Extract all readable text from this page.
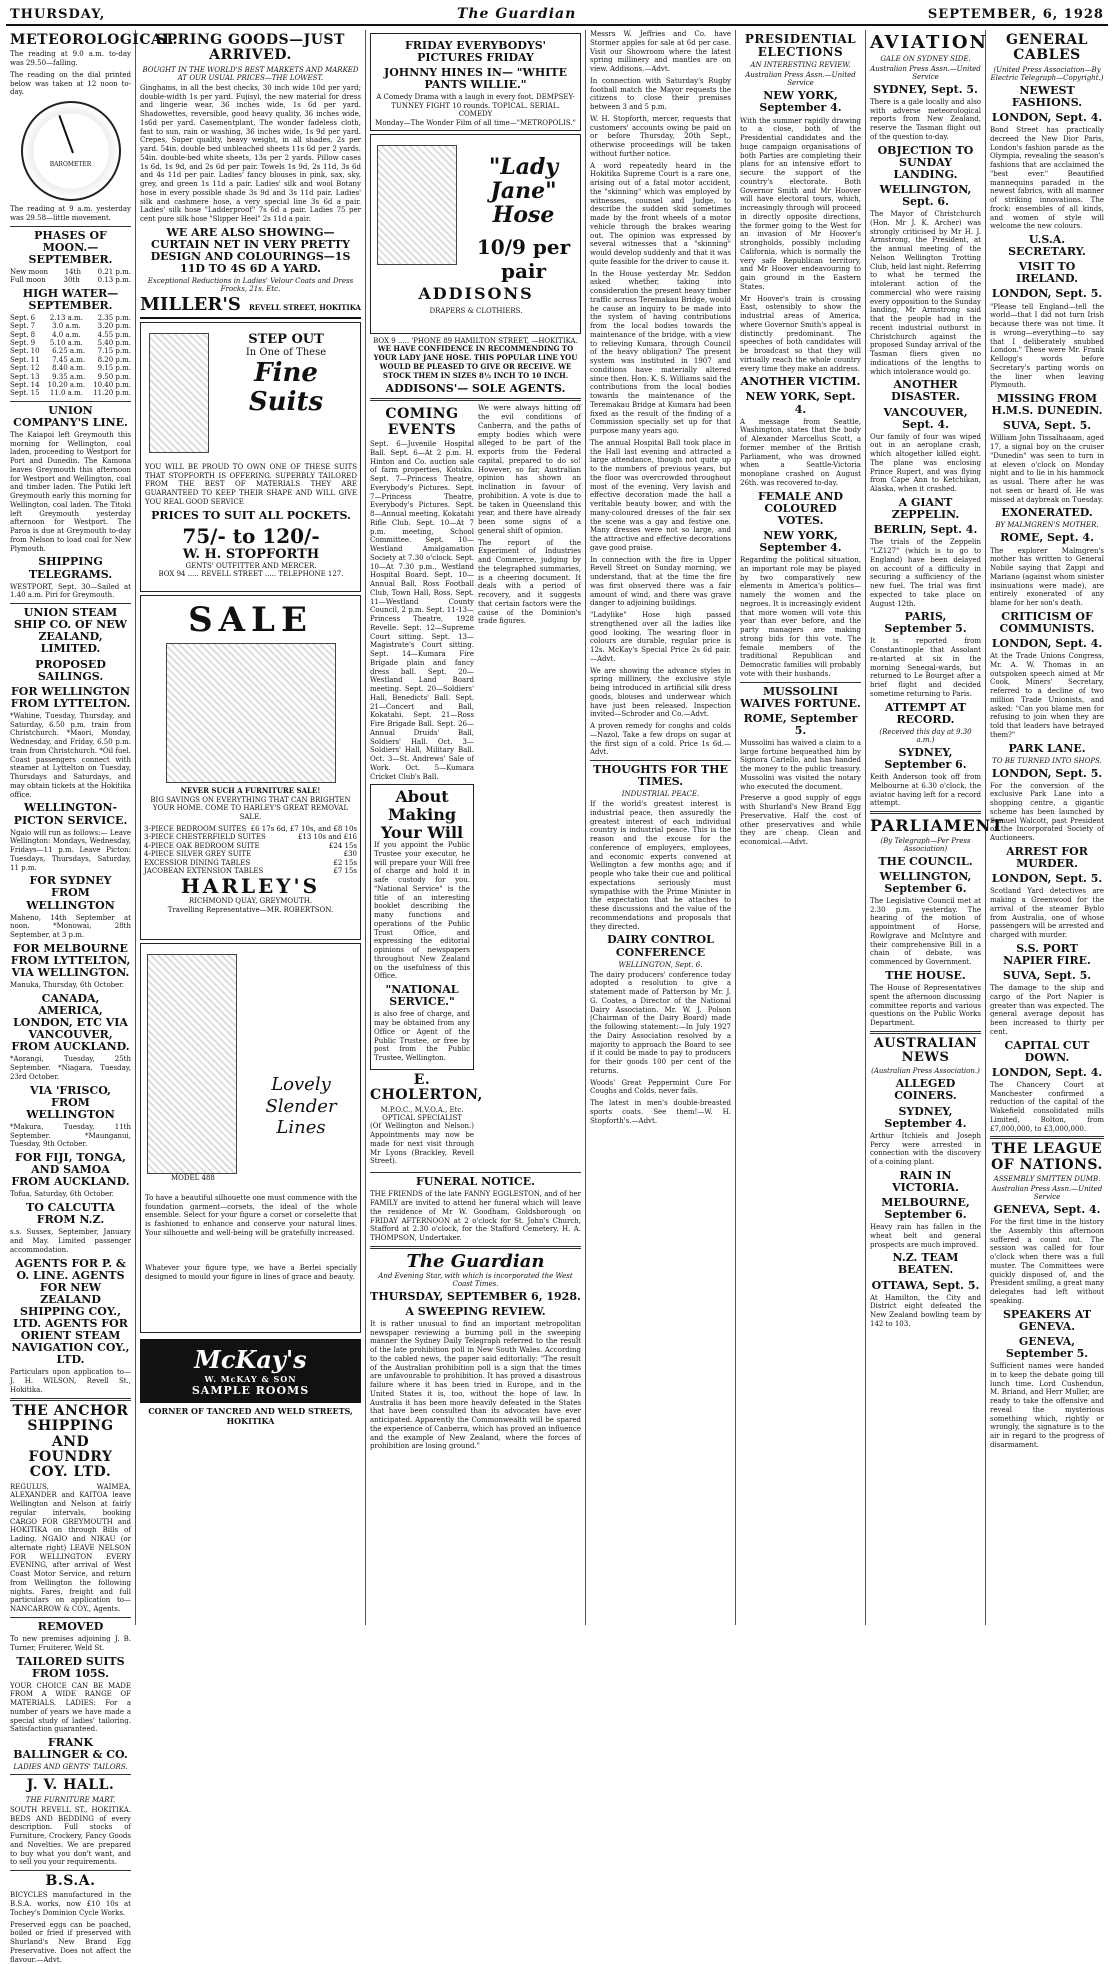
THURSDAY,	The Guardian	SEPTEMBER, 6, 1928
METEOROLOGICAL.
The reading at 9.0 a.m. to-day was 29.50—falling.
The reading on the dial printed below was taken at 12 noon to-day.
BAROMETER
The reading at 9 a.m. yesterday was 29.58—little movement.
PHASES OF MOON.—SEPTEMBER.
New moon 14th 0.21 p.m.
Full moon	30th	0.13 p.m.
HIGH WATER—SEPTEMBER.
Sept. 6 2.13 a.m. 2.35 p.m.
Sept. 7 3.0 a.m. 3.20 p.m.
Sept. 8 4.0 a.m. 4.55 p.m.
Sept. 9 5.10 a.m. 5.40 p.m.
Sept. 10 6.25 a.m. 7.15 p.m.
Sept. 11 7.45 a.m. 8.20 p.m.
Sept. 12 8.40 a.m. 9.15 p.m.
Sept. 13 9.35 a.m. 9.50 p.m.
Sept. 14 10.20 a.m. 10.40 p.m.
Sept. 15 11.0 a.m. 11.20 p.m.
UNION COMPANY'S LINE.
The Kaiapoi left Greymouth this morning for Wellington, coal laden, proceeding to Westport for Port and Dunedin. The Kamona leaves Greymouth this afternoon for Westport and Wellington, coal and timber laden. The Putiki left Greymouth early this morning for Wellington, coal laden. The Titoki left Greymouth yesterday afternoon for Westport. The Paroa is due at Greymouth to-day from Nelson to load coal for New Plymouth.
SHIPPING TELEGRAMS.
WESTPORT, Sept. 30—Sailed at 1.40 a.m. Piri for Greymouth.
UNION STEAM SHIP CO. OF NEW ZEALAND, LIMITED.
PROPOSED SAILINGS.
FOR WELLINGTON FROM LYTTELTON.
*Wahine, Tuesday, Thursday, and Saturday, 6.50 p.m. train from Christchurch. *Maori, Monday, Wednesday, and Friday, 6.50 p.m. train from Christchurch. *Oil fuel. Coast passengers connect with steamer at Lyttelton on Tuesday, Thursdays and Saturdays, and may obtain tickets at the Hokitika office.
WELLINGTON-PICTON SERVICE.
Ngaio will run as follows:— Leave Wellington: Mondays, Wednesday, Fridays—11 p.m. Leave Picton: Tuesdays, Thursdays, Saturday, 11 p.m.
FOR SYDNEY FROM WELLINGTON
Maheno, 14th September at noon. *Monowai, 28th September, at 3 p.m.
FOR MELBOURNE FROM LYTTELTON, VIA WELLINGTON.
Manuka, Thursday, 6th October.
CANADA, AMERICA, LONDON, ETC VIA VANCOUVER, FROM AUCKLAND.
*Aorangi, Tuesday, 25th September. *Niagara, Tuesday, 23rd October.
VIA 'FRISCO, FROM WELLINGTON
*Makura, Tuesday, 11th September. *Maunganui, Tuesday, 9th October.
FOR FIJI, TONGA, AND SAMOA FROM AUCKLAND.
Tofua, Saturday, 6th October.
TO CALCUTTA FROM N.Z.
s.s. Sussex, September, January and May. Limited passenger accommodation.
AGENTS FOR P. & O. LINE. AGENTS FOR NEW ZEALAND SHIPPING COY., LTD. AGENTS FOR ORIENT STEAM NAVIGATION COY., LTD.
Particulars upon application to— J. H. WILSON, Revell St., Hokitika.
THE ANCHOR SHIPPING AND FOUNDRY COY. LTD.
REGULUS, WAIMEA, ALEXANDER and KAITOA leave Wellington and Nelson at fairly regular intervals, booking CARGO FOR GREYMOUTH and HOKITIKA on through Bills of Lading. NGAIO and NIKAU (or alternate right) LEAVE NELSON FOR WELLINGTON EVERY EVENING, after arrival of West Coast Motor Service, and return from Wellington the following nights. Fares, freight and full particulars on application to— NANCARROW & COY., Agents.
REMOVED
To new premises adjoining J. B. Turner, Fruiterer, Weld St.
TAILORED SUITS FROM 105S.
YOUR CHOICE CAN BE MADE FROM A WIDE RANGE OF MATERIALS. LADIES: For a number of years we have made a special study of ladies' tailoring. Satisfaction guaranteed.
FRANK BALLINGER & CO.
LADIES AND GENTS' TAILORS.
J. V. HALL.
THE FURNITURE MART.
SOUTH REVELL ST., HOKITIKA. BEDS AND BEDDING of every description. Full stocks of Furniture, Crockery, Fancy Goods and Novelties. We are prepared to buy what you don't want, and to sell you your requirements.
B.S.A.
BICYCLES manufactured in the B.S.A. works, now £10 10s at Tochey's Dominion Cycle Works.
Preserved eggs can be poached, boiled or fried if preserved with Shurland's New Brand Egg Preservative. Does not affect the flavour.—Advt.
SPRING GOODS—JUST ARRIVED.
BOUGHT IN THE WORLD'S BEST MARKETS AND MARKED AT OUR USUAL PRICES—THE LOWEST.
Ginghams, in all the best checks, 30 inch wide 10d per yard; double-width 1s per yard. Fujisyl, the new material for dress and lingerie wear, 36 inches wide, 1s 6d per yard. Shadowettes, reversible, good heavy quality, 36 inches wide, 1s6d per yard. Casementplant, The wonder fadeless cloth, fast to sun, rain or washing, 36 inches wide, 1s 9d per yard. Crepes, Super quality, heavy weight, in all shades, 2s per yard. 54in. double bed unbleached sheets 11s 6d per 2 yards. 54in. double-bed white sheets, 13s per 2 yards. Pillow cases 1s 6d, 1s 9d, and 2s 6d per pair. Towels 1s 9d, 2s 11d, 3s 6d and 4s 11d per pair. Ladies' fancy blouses in pink, sax, sky, grey, and green 1s 11d a pair. Ladies' silk and wool Botany hose in every possible shade 3s 9d and 3s 11d pair. Ladies' silk and cashmere hose, a very special line 3s 6d a pair. Ladies' silk hose "Ladderproof" 7s 6d a pair. Ladies 75 per cent pure silk hose "Slipper Heel" 2s 11d a pair.
WE ARE ALSO SHOWING—CURTAIN NET IN VERY PRETTY DESIGN AND COLOURINGS—1S 11D TO 4S 6D A YARD.
Exceptional Reductions in Ladies' Velour Coats and Dress Frocks, 21s. Etc.
MILLER'S REVELL STREET, HOKITIKA
STEP OUT
In One of These
Fine
Suits
YOU WILL BE PROUD TO OWN ONE OF THESE SUITS THAT STOPFORTH IS OFFERING. SUPERBLY TAILORED FROM THE BEST OF MATERIALS THEY ARE GUARANTEED TO KEEP THEIR SHAPE AND WILL GIVE YOU REAL GOOD SERVICE
PRICES TO SUIT ALL POCKETS.
75/- to 120/-
W. H. STOPFORTH
GENTS' OUTFITTER AND MERCER.
BOX 94 ..... REVELL STREET ..... TELEPHONE 127.
SALE
NEVER SUCH A FURNITURE SALE!
BIG SAVINGS ON EVERYTHING THAT CAN BRIGHTEN YOUR HOME. COME TO HARLEY'S GREAT REMOVAL SALE.
3-PIECE BEDROOM SUITES £6 17s 6d, £7 10s, and £8 10s
3-PIECE CHESTERFIELD SUITES	£13 10s and £16
4-PIECE OAK BEDROOM SUITE	£24 15s
4-PIECE SILVER GREY SUITE	£30
EXCESSIOR DINING TABLES	£2 15s
JACOBEAN EXTENSION TABLES	£7 15s
HARLEY'S
RICHMOND QUAY, GREYMOUTH.
Travelling Representative—MR. ROBERTSON.
MODEL 488
Lovely Slender Lines
To have a beautiful silhouette one must commence with the foundation garment—corsets, the ideal of the whole ensemble. Select for your figure a corset or corselette that is fashioned to enhance and conserve your natural lines. Your silhouette and well-being will be gratefully increased.
Whatever your figure type, we have a Berlei specially designed to mould your figure in lines of grace and beauty.
McKay's
W. McKAY & SON
SAMPLE ROOMS
CORNER OF TANCRED AND WELD STREETS, HOKITIKA
FRIDAY EVERYBODYS' PICTURES FRIDAY
JOHNNY HINES IN— "WHITE PANTS WILLIE."
A Comedy Drama with a laugh in every foot. DEMPSEY-TUNNEY FIGHT 10 rounds. TOPICAL. SERIAL. COMEDY
Monday—The Wonder Film of all time—"METROPOLIS."
"Lady Jane" Hose
10/9 per pair
ADDISONS
DRAPERS & CLOTHIERS.
BOX 9 ..... 'PHONE 89 HAMILTON STREET, —HOKITIKA.
WE HAVE CONFIDENCE IN RECOMMENDING TO YOUR LADY JANE HOSE. THIS POPULAR LINE YOU WOULD BE PLEASED TO GIVE OR RECEIVE. WE STOCK THEM IN SIZES 8½ INCH TO 10 INCH.
ADDISONS'— SOLE AGENTS.
COMING EVENTS
Sept. 6—Juvenile Hospital Ball. Sept. 6—At 2 p.m. H. Hinton and Co. auction sale of farm properties, Kotuku. Sept. 7—Princess Theatre, Everybody's Pictures. Sept. 7—Princess Theatre, Everybody's Pictures. Sept. 8—Annual meeting, Kokatahi Rifle Club. Sept. 10—At 7 p.m. meeting, School Committee. Sept. 10—Westland Amalgamation Society at 7.30 o'clock. Sept. 10—At 7.30 p.m., Westland Hospital Board. Sept. 10—Annual Ball, Ross Football Club, Town Hall, Ross. Sept. 11—Westland County Council, 2 p.m. Sept. 11-13—Princess Theatre, 1928 Revelle. Sept. 12—Supreme Court sitting. Sept. 13—Magistrate's Court sitting. Sept. 14—Kumara Fire Brigade plain and fancy dress ball. Sept. 20—Westland Land Board meeting. Sept. 20—Soldiers' Hall, Benedicts' Ball. Sept. 21—Concert and Ball, Kokatahi. Sept. 21—Ross Fire Brigade Ball. Sept. 26—Annual Druids' Ball, Soldiers' Hall. Oct. 3—Soldiers' Hall, Military Ball. Oct. 3—St. Andrews' Sale of Work. Oct. 5—Kumara Cricket Club's Ball.
About Making Your Will
If you appoint the Public Trustee your executor, he will prepare your Will free of charge and hold it in safe custody for you. "National Service" is the title of an interesting booklet describing the many functions and operations of the Public Trust Office, and expressing the editorial opinions of newspapers throughout New Zealand on the usefulness of this Office.
"NATIONAL SERVICE."
is also free of charge, and may be obtained from any Office or Agent of the Public Trustee, or free by post from the Public Trustee, Wellington.
E. CHOLERTON,
M.P.O.C., M.V.O.A., Etc. OPTICAL SPECIALIST
(Of Wellington and Nelson.) Appointments may now be made for next visit through Mr Lyons (Brackley, Revell Street).
We were always hitting off the evil conditions of Canberra, and the paths of empty bodies which were alleged to be part of the exports from the Federal capital, prepared to do so! However, so far, Australian opinion has shown an inclination in favour of prohibition. A vote is due to be taken in Queensland this year, and there have already been some signs of a general shift of opinion.
The report of the Experiment of Industries and Commerce, judging by the telegraphed summaries, is a cheering document. It deals with a period of recovery, and it suggests that certain factors were the cause of the Dominion's trade figures.
FUNERAL NOTICE.
THE FRIENDS of the late FANNY EGGLESTON, and of her FAMILY are invited to attend her funeral which will leave the residence of Mr W. Goodham, Goldsborough on FRIDAY AFTERNOON at 2 o'clock for St. John's Church, Stafford at 2.30 o'clock, for the Stafford Cemetery. H. A. THOMPSON, Undertaker.
The Guardian
And Evening Star, with which is incorporated the West Coast Times.
THURSDAY, SEPTEMBER 6, 1928.
A SWEEPING REVIEW.
It is rather unusual to find an important metropolitan newspaper reviewing a burning poll in the sweeping manner the Sydney Daily Telegraph referred to the result of the late prohibition poll in New South Wales. According to the cabled news, the paper said editorially: "The result of the Australian prohibition poll is a sign that the times are unfavourable to prohibition. It has proved a disastrous failure where it has been tried in Europe, and in the United States it is, too, without the hope of law. In Australia it has been more heavily defeated in the States that have been consulted than its advocates have ever anticipated. Apparently the Commonwealth will be spared the experience of Canberra, which has proved an influence and the example of New Zealand, where the forces of prohibition are losing ground."
Messrs W. Jeffries and Co. have Stormer apples for sale at 6d per case. Visit our Showroom where the latest spring millinery and mantles are on view. Addisons.—Advt.
In connection with Saturday's Rugby football match the Mayor requests the citizens to close their premises between 3 and 5 p.m.
W. H. Stopforth, mercer, requests that customers' accounts owing be paid on or before Thursday, 20th Sept., otherwise proceedings will be taken without further notice.
A word repeatedly heard in the Hokitika Supreme Court is a rare one, arising out of a fatal motor accident, the "skinning" which was employed by witnesses, counsel and Judge, to describe the sudden skid sometimes made by the front wheels of a motor vehicle through the brakes wearing out. The opinion was expressed by several witnesses that a "skinning" would develop suddenly and that it was quite feasible for the driver to cause it.
In the House yesterday Mr. Seddon asked whether, taking into consideration the present heavy timber traffic across Teremakau Bridge, would he cause an inquiry to be made into the system of having contributions from the local bodies towards the maintenance of the bridge, with a view to relieving Kumara, through Council of the heavy obligation? The present system was instituted in 1907 and conditions have materially altered since then. Hon. K. S. Williams said the contributions from the local bodies towards the maintenance of the Teremakau Bridge at Kumara had been fixed as the result of the finding of a Commission specially set up for that purpose many years ago.
The annual Hospital Ball took place in the Hall last evening and attracted a large attendance, though not quite up to the numbers of previous years, but the floor was overcrowded throughout most of the evening. Very lavish and effective decoration made the hall a veritable beauty bower, and with the many-coloured dresses of the fair sex the scene was a gay and festive one. Many dresses were not so large, and the attractive and effective decorations gave good praise.
In connection with the fire in Upper Revell Street on Sunday morning, we understand, that at the time the fire was first observed there was a fair amount of wind, and there was grave danger to adjoining buildings.
"Ladylike" Hose high passed strengthened over all the ladies like good looking. The wearing floor in colours are durable, regular price is 12s. McKay's Special Price 2s 6d pair.—Advt.
We are showing the advance styles in spring millinery, the exclusive style being introduced in artificial silk dress goods, blouses and underwear which have just been released. Inspection invited—Schroder and Co.—Advt.
A proven remedy for coughs and colds—Nazol. Take a few drops on sugar at the first sign of a cold. Price 1s 6d.—Advt.
THOUGHTS FOR THE TIMES.
INDUSTRIAL PEACE.
If the world's greatest interest is industrial peace, then assuredly the greatest interest of each individual country is industrial peace. This is the reason and the excuse for the conference of employers, employees, and economic experts convened at Wellington a few months ago; and if people who take their cue and political expectations seriously must sympathise with the Prime Minister in the expectation that he attaches to these discussions and the value of the recommendations and proposals that they directed.
DAIRY CONTROL CONFERENCE
WELLINGTON, Sept. 6.
The dairy producers' conference today adopted a resolution to give a statement made of Patterson by Mr. J. G. Coates, a Director of the National Dairy Association. Mr. W. J. Polson (Chairman of the Dairy Board) made the following statement:—In July 1927 the Dairy Association resolved by a majority to approach the Board to see if it could be made to pay to producers for their goods 100 per cent of the returns.
Woods' Great Peppermint Cure For Coughs and Colds, never fails.
The latest in men's double-breasted sports coats. See them!—W. H. Stopforth's.—Advt.
PRESIDENTIAL ELECTIONS
AN INTERESTING REVIEW.
Australian Press Assn.—United Service
NEW YORK, September 4.
With the summer rapidly drawing to a close, both of the Presidential candidates and the huge campaign organisations of both Parties are completing their plans for an intensive effort to secure the support of the country's electorate. Both Governor Smith and Mr Hoover will have electoral tours, which, increasingly through will proceed in directly opposite directions, the former going to the West for an invasion of Mr Hoover's strongholds, possibly including California, which is normally the very safe Republican territory, and Mr Hoover endeavouring to gain ground in the Eastern States.
Mr Hoover's train is crossing East, ostensibly to show the industrial areas of America, where Governor Smith's appeal is distinctly predominant. The speeches of both candidates will be broadcast so that they will virtually reach the whole country every time they make an address.
ANOTHER VICTIM.
NEW YORK, Sept. 4.
A message from Seattle, Washington, states that the body of Alexander Marcellus Scott, a former member of the British Parliament, who was drowned when a Seattle-Victoria monoplane crashed on August 26th, was recovered to-day.
FEMALE AND COLOURED VOTES.
NEW YORK, September 4.
Regarding the political situation, an important role may be played by two comparatively new elements in America's politics—namely the women and the negroes. It is increasingly evident that more women will vote this year than ever before, and the party managers are making strong bids for this vote. The female members of the traditional Republican and Democratic families will probably vote with their husbands.
MUSSOLINI WAIVES FORTUNE.
ROME, September 5.
Mussolini has waived a claim to a large fortune bequeathed him by Signora Cariello, and has handed the money to the public treasury. Mussolini was visited the notary who executed the document.
Preserve a good supply of eggs with Shurland's New Brand Egg Preservative. Half the cost of other preservatives and while they are cheap. Clean and economical.—Advt.
AVIATION
GALE ON SYDNEY SIDE.
Australian Press Assn.—United Service
SYDNEY, Sept. 5.
There is a gale locally and also with adverse meteorological reports from New Zealand, reserve the Tasman flight out of the question to-day.
OBJECTION TO SUNDAY LANDING.
WELLINGTON, Sept. 6.
The Mayor of Christchurch (Hon. Mr J. K. Archer) was strongly criticised by Mr H. J. Armstrong, the President, at the annual meeting of the Nelson Wellington Trotting Club, held last night. Referring to what he termed the intolerant action of the commercial who were raising every opposition to the Sunday landing, Mr Armstrong said that the people had in the recent industrial outburst in Christchurch against the proposed Sunday arrival of the Tasman fliers given no indications of the lengths to which intolerance would go.
ANOTHER DISASTER.
VANCOUVER, Sept. 4.
Our family of four was wiped out in an aeroplane crash, which altogether killed eight. The plane was enclosing Prince Rupert, and was flying from Cape Ann to Ketchikan, Alaska, when it crashed.
A GIANT ZEPPELIN.
BERLIN, Sept. 4.
The trials of the Zeppelin "LZ127" (which is to go to England) have been delayed on account of a difficulty in securing a sufficiency of the new fuel. The trial was first expected to take place on August 12th.
PARIS, September 5.
It is reported from Constantinople that Assolant re-started at six in the morning Senegal-wards, but returned to Le Bourget after a brief flight and decided sometime returning to Paris.
ATTEMPT AT RECORD.
(Received this day at 9.30 a.m.)
SYDNEY, September 6.
Keith Anderson took off from Melbourne at 6.30 o'clock, the aviator having left for a record attempt.
PARLIAMENT
(By Telegraph—Per Press Association)
THE COUNCIL.
WELLINGTON, September 6.
The Legislative Council met at 2.30 p.m. yesterday. The hearing of the motion of appointment of Horse, Rowlgrave and McIntyre and their comprehensive Bill in a chain of debate, was commenced by Government.
THE HOUSE.
The House of Representatives spent the afternoon discussing committee reports and various questions on the Public Works Department.
AUSTRALIAN NEWS
(Australian Press Association.)
ALLEGED COINERS.
SYDNEY, September 4.
Arthur Itchiels and Joseph Percy were arrested in connection with the discovery of a coining plant.
RAIN IN VICTORIA.
MELBOURNE, September 6.
Heavy rain has fallen in the wheat belt and general prospects are much improved.
N.Z. TEAM BEATEN.
OTTAWA, Sept. 5.
At Hamilton, the City and District eight defeated the New Zealand bowling team by 142 to 103.
GENERAL CABLES
(United Press Association—By Electric Telegraph—Copyright.)
NEWEST FASHIONS.
LONDON, Sept. 4.
Bond Street has practically decreed the New Dior Paris, London's fashion parade as the Olympia, revealing the season's fashions that are acclaimed the "best ever." Beautified mannequins paraded in the newest fabrics, with all manner of striking innovations. The frock: ensembles of all kinds, and women of style will welcome the new colours.
U.S.A. SECRETARY.
VISIT TO IRELAND.
LONDON, Sept. 5.
"Please tell England—tell the world—that I did not turn Irish because there was not time. It is wrong—everything—to say that I deliberately snubbed London." These were Mr. Frank Kellogg's words before Secretary's parting words on the liner when leaving Plymouth.
MISSING FROM H.M.S. DUNEDIN.
SUVA, Sept. 5.
William John Tissalhaaam, aged 17, a signal boy on the cruiser "Dunedin" was seen to turn in at eleven o'clock on Monday night and to lie in his hammock as usual. There after he was not seen or heard of. He was missed at daybreak on Tuesday.
EXONERATED.
BY MALMGREN'S MOTHER.
ROME, Sept. 4.
The explorer Malmgren's mother has written to General Nobile saying that Zappi and Mariano (against whom sinister insinuations were made), are entirely exonerated of any blame for her son's death.
CRITICISM OF COMMUNISTS.
LONDON, Sept. 4.
At the Trade Unions Congress, Mr. A. W. Thomas in an outspoken speech aimed at Mr Cook, Miners' Secretary, referred to a decline of two million Trade Unionists, and asked: "Can you blame men for refusing to join when they are told that leaders have betrayed them?"
PARK LANE.
TO BE TURNED INTO SHOPS.
LONDON, Sept. 5.
For the conversion of the exclusive Park Lane into a shopping centre, a gigantic scheme has been launched by Samuel Walcott, past President of the Incorporated Society of Auctioneers.
ARREST FOR MURDER.
LONDON, Sept. 5.
Scotland Yard detectives are making a Greenwood for the arrival of the steamer Byblo from Australia, one of whose passengers will be arrested and charged with murder.
S.S. PORT NAPIER FIRE.
SUVA, Sept. 5.
The damage to the ship and cargo of the Port Napier is greater than was expected. The general average deposit has been increased to thirty per cent.
CAPITAL CUT DOWN.
LONDON, Sept. 4.
The Chancery Court at Manchester confirmed a reduction of the capital of the Wakefield consolidated mills Limited, Bolton, from £7,000,000, to £3,000,000.
THE LEAGUE OF NATIONS.
ASSEMBLY SMITTEN DUMB.
Australian Press Assn.—United Service
GENEVA, Sept. 4.
For the first time in the history the Assembly this afternoon suffered a count out. The session was called for four o'clock when there was a full muster. The Committees were quickly disposed of, and the President smiling, a great many delegates had left without speaking.
SPEAKERS AT GENEVA.
GENEVA, September 5.
Sufficient names were handed in to keep the debate going till lunch time. Lord Cushendun, M. Briand, and Herr Muller, are ready to take the offensive and reveal the mysterious something which, rightly or wrongly, the signature is to the air in regard to the progress of disarmament.
